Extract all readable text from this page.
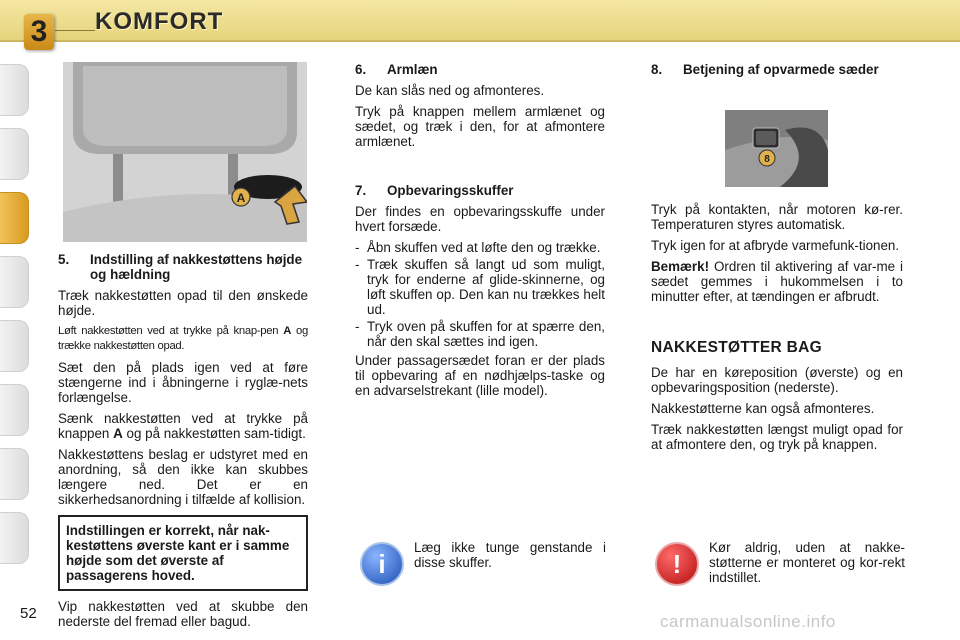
3 KOMFORT
A
5.	Indstilling af nakkestøttens højde og hældning

Træk nakkestøtten opad til den ønskede højde.

Løft nakkestøtten ved at trykke på knap-pen A og trække nakkestøtten opad.

Sæt den på plads igen ved at føre stængerne ind i åbningerne i ryglæ-nets forlængelse.

Sænk nakkestøtten ved at trykke på knappen A og på nakkestøtten sam-tidigt.

Nakkestøttens beslag er udstyret med en anordning, så den ikke kan skubbes længere ned. Det er en sikkerhedsanordning i tilfælde af kollision.

Indstillingen er korrekt, når nak-kestøttens øverste kant er i samme højde som det øverste af passagerens hoved.

Vip nakkestøtten ved at skubbe den nederste del fremad eller bagud.

6.	Armlæn

De kan slås ned og afmonteres.

Tryk på knappen mellem armlænet og sædet, og træk i den, for at afmontere armlænet.

7.	Opbevaringsskuffer

Der findes en opbevaringsskuffe under hvert forsæde.

- Åbn skuffen ved at løfte den og trække.
- Træk skuffen så langt ud som muligt, tryk for enderne af glide-skinnerne, og løft skuffen op. Den kan nu trækkes helt ud.
- Tryk oven på skuffen for at spærre den, når den skal sættes ind igen.

Under passagersædet foran er der plads til opbevaring af en nødhjælps-taske og en advarselstrekant (lille model).

8
8.	Betjening af opvarmede sæder

Tryk på kontakten, når motoren kø-rer. Temperaturen styres automatisk.

Tryk igen for at afbryde varmefunk-tionen.

Bemærk! Ordren til aktivering af var-me i sædet gemmes i hukommelsen i to minutter efter, at tændingen er afbrudt.

NAKKESTØTTER BAG

De har en køreposition (øverste) og en opbevaringsposition (nederste).

Nakkestøtterne kan også afmonteres.

Træk nakkestøtten længst muligt opad for at afmontere den, og tryk på knappen.

i
Læg ikke tunge genstande i disse skuffer.	!
Kør aldrig, uden at nakke-støtterne er monteret og kor-rekt indstillet.
52	carmanualsonline.info
